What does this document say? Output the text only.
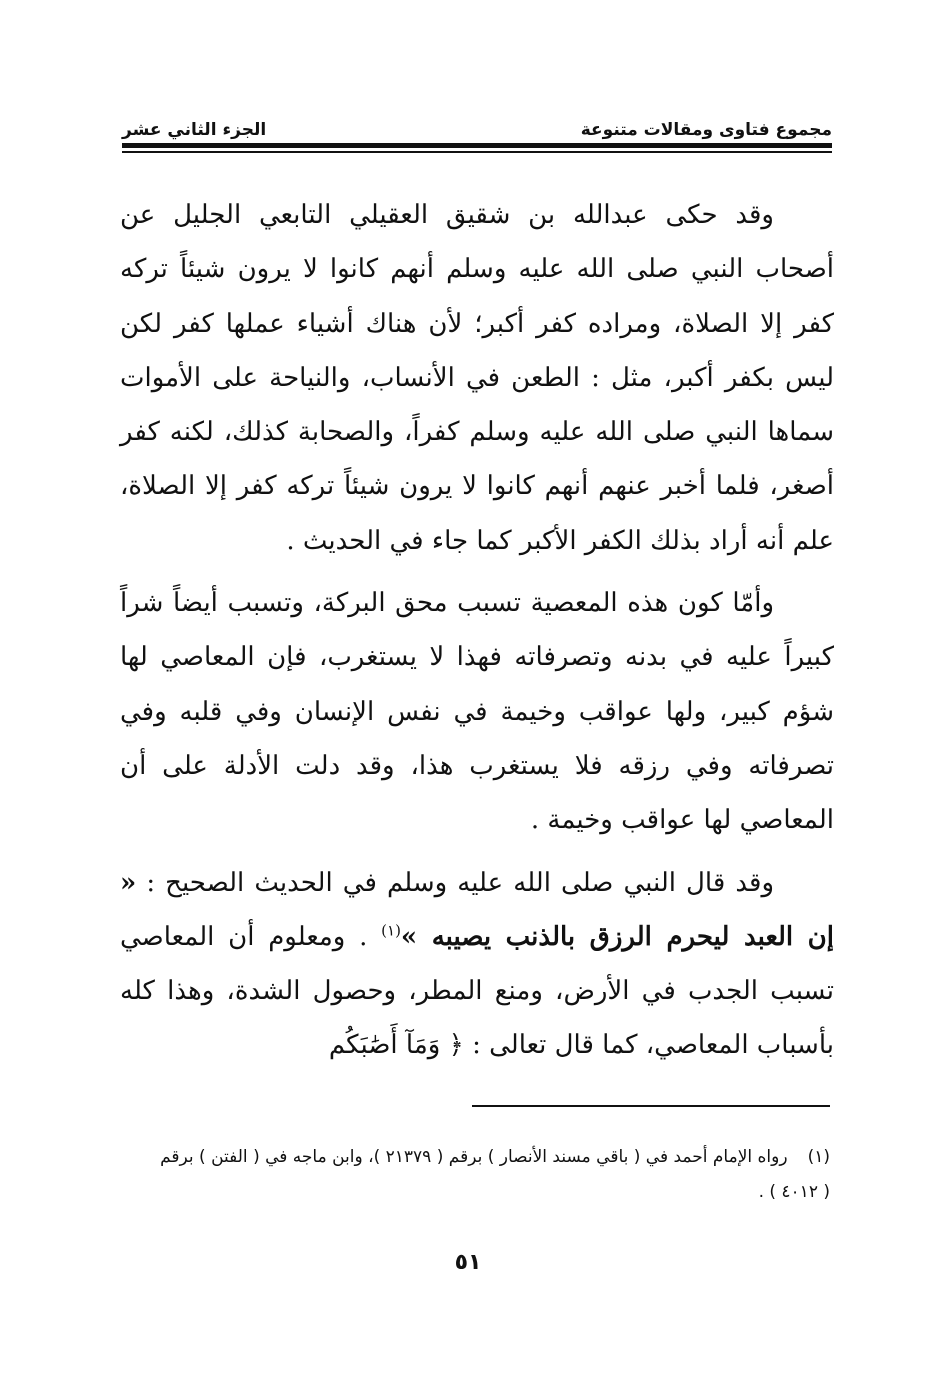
مجموع فتاوى ومقالات متنوعة
الجزء الثاني عشر

وقد حكى عبدالله بن شقيق العقيلي التابعي الجليل عن أصحاب النبي صلى الله عليه وسلم أنهم كانوا لا يرون شيئاً تركه كفر إلا الصلاة، ومراده كفر أكبر؛ لأن هناك أشياء عملها كفر لكن ليس بكفر أكبر، مثل : الطعن في الأنساب، والنياحة على الأموات سماها النبي صلى الله عليه وسلم كفراً، والصحابة كذلك، لكنه كفر أصغر، فلما أخبر عنهم أنهم كانوا لا يرون شيئاً تركه كفر إلا الصلاة، علم أنه أراد بذلك الكفر الأكبر كما جاء في الحديث .

وأمّا كون هذه المعصية تسبب محق البركة، وتسبب أيضاً شراً كبيراً عليه في بدنه وتصرفاته فهذا لا يستغرب، فإن المعاصي لها شؤم كبير، ولها عواقب وخيمة في نفس الإنسان وفي قلبه وفي تصرفاته وفي رزقه فلا يستغرب هذا، وقد دلت الأدلة على أن المعاصي لها عواقب وخيمة .

وقد قال النبي صلى الله عليه وسلم في الحديث الصحيح : « إن العبد ليحرم الرزق بالذنب يصيبه »$^{(١)}$ . ومعلوم أن المعاصي تسبب الجدب في الأرض، ومنع المطر، وحصول الشدة، وهذا كله بأسباب المعاصي، كما قال تعالى : ﴿ وَمَآ أَصَٰبَكُم

(١)رواه الإمام أحمد في ( باقي مسند الأنصار ) برقم ( ٢١٣٧٩ )، وابن ماجه في ( الفتن ) برقم ( ٤٠١٢ ) .
٥١
